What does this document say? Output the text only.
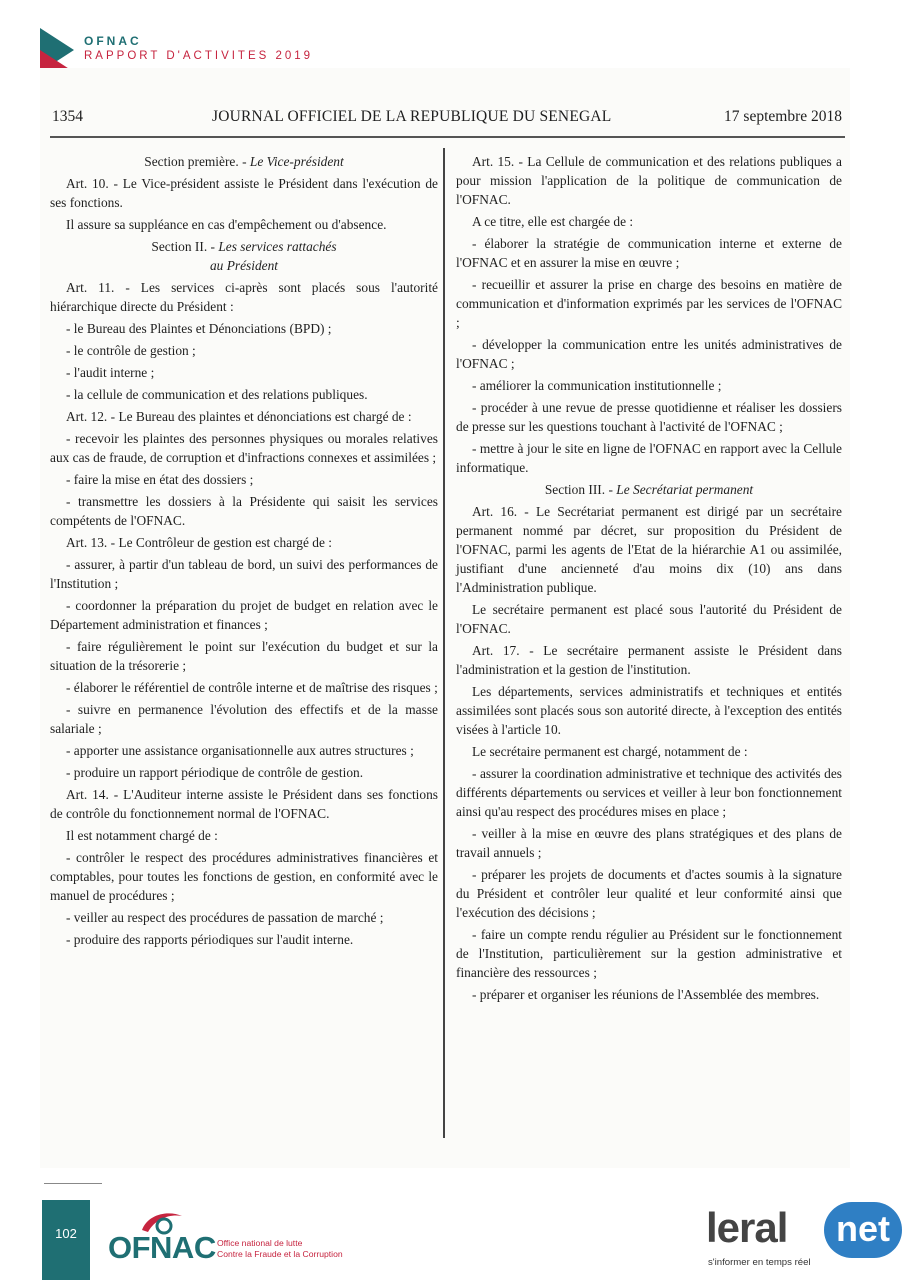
OFNAC
RAPPORT D'ACTIVITES 2019
1354	JOURNAL OFFICIEL DE LA REPUBLIQUE DU SENEGAL	17 septembre 2018

Section première. - Le Vice-président

Art. 10. - Le Vice-président assiste le Président dans l'exécution de ses fonctions.

Il assure sa suppléance en cas d'empêchement ou d'absence.

Section II. - Les services rattachés
au Président

Art. 11. - Les services ci-après sont placés sous l'autorité hiérarchique directe du Président :

- le Bureau des Plaintes et Dénonciations (BPD) ;

- le contrôle de gestion ;

- l'audit interne ;

- la cellule de communication et des relations publiques.

Art. 12. - Le Bureau des plaintes et dénonciations est chargé de :

- recevoir les plaintes des personnes physiques ou morales relatives aux cas de fraude, de corruption et d'infractions connexes et assimilées ;

- faire la mise en état des dossiers ;

- transmettre les dossiers à la Présidente qui saisit les services compétents de l'OFNAC.

Art. 13. - Le Contrôleur de gestion est chargé de :

- assurer, à partir d'un tableau de bord, un suivi des performances de l'Institution ;

- coordonner la préparation du projet de budget en relation avec le Département administration et finances ;

- faire régulièrement le point sur l'exécution du budget et sur la situation de la trésorerie ;

- élaborer le référentiel de contrôle interne et de maîtrise des risques ;

- suivre en permanence l'évolution des effectifs et de la masse salariale ;

- apporter une assistance organisationnelle aux autres structures ;

- produire un rapport périodique de contrôle de gestion.

Art. 14. - L'Auditeur interne assiste le Président dans ses fonctions de contrôle du fonctionnement normal de l'OFNAC.

Il est notamment chargé de :

- contrôler le respect des procédures administratives financières et comptables, pour toutes les fonctions de gestion, en conformité avec le manuel de procédures ;

- veiller au respect des procédures de passation de marché ;

- produire des rapports périodiques sur l'audit interne.

Art. 15. - La Cellule de communication et des relations publiques a pour mission l'application de la politique de communication de l'OFNAC.

A ce titre, elle est chargée de :

- élaborer la stratégie de communication interne et externe de l'OFNAC et en assurer la mise en œuvre ;

- recueillir et assurer la prise en charge des besoins en matière de communication et d'information exprimés par les services de l'OFNAC ;

- développer la communication entre les unités administratives de l'OFNAC ;

- améliorer la communication institutionnelle ;

- procéder à une revue de presse quotidienne et réaliser les dossiers de presse sur les questions touchant à l'activité de l'OFNAC ;

- mettre à jour le site en ligne de l'OFNAC en rapport avec la Cellule informatique.

Section III. - Le Secrétariat permanent

Art. 16. - Le Secrétariat permanent est dirigé par un secrétaire permanent nommé par décret, sur proposition du Président de l'OFNAC, parmi les agents de l'Etat de la hiérarchie A1 ou assimilée, justifiant d'une ancienneté d'au moins dix (10) ans dans l'Administration publique.

Le secrétaire permanent est placé sous l'autorité du Président de l'OFNAC.

Art. 17. - Le secrétaire permanent assiste le Président dans l'administration et la gestion de l'institution.

Les départements, services administratifs et techniques et entités assimilées sont placés sous son autorité directe, à l'exception des entités visées à l'article 10.

Le secrétaire permanent est chargé, notamment de :

- assurer la coordination administrative et technique des activités des différents départements ou services et veiller à leur bon fonctionnement ainsi qu'au respect des procédures mises en place ;

- veiller à la mise en œuvre des plans stratégiques et des plans de travail annuels ;

- préparer les projets de documents et d'actes soumis à la signature du Président et contrôler leur qualité et leur conformité ainsi que l'exécution des décisions ;

- faire un compte rendu régulier au Président sur le fonctionnement de l'Institution, particulièrement sur la gestion administrative et financière des ressources ;

- préparer et organiser les réunions de l'Assemblée des membres.

102	OFNAC Office national de lutte
Contre la Fraude et la Corruption
leral	net
s'informer en temps réel
